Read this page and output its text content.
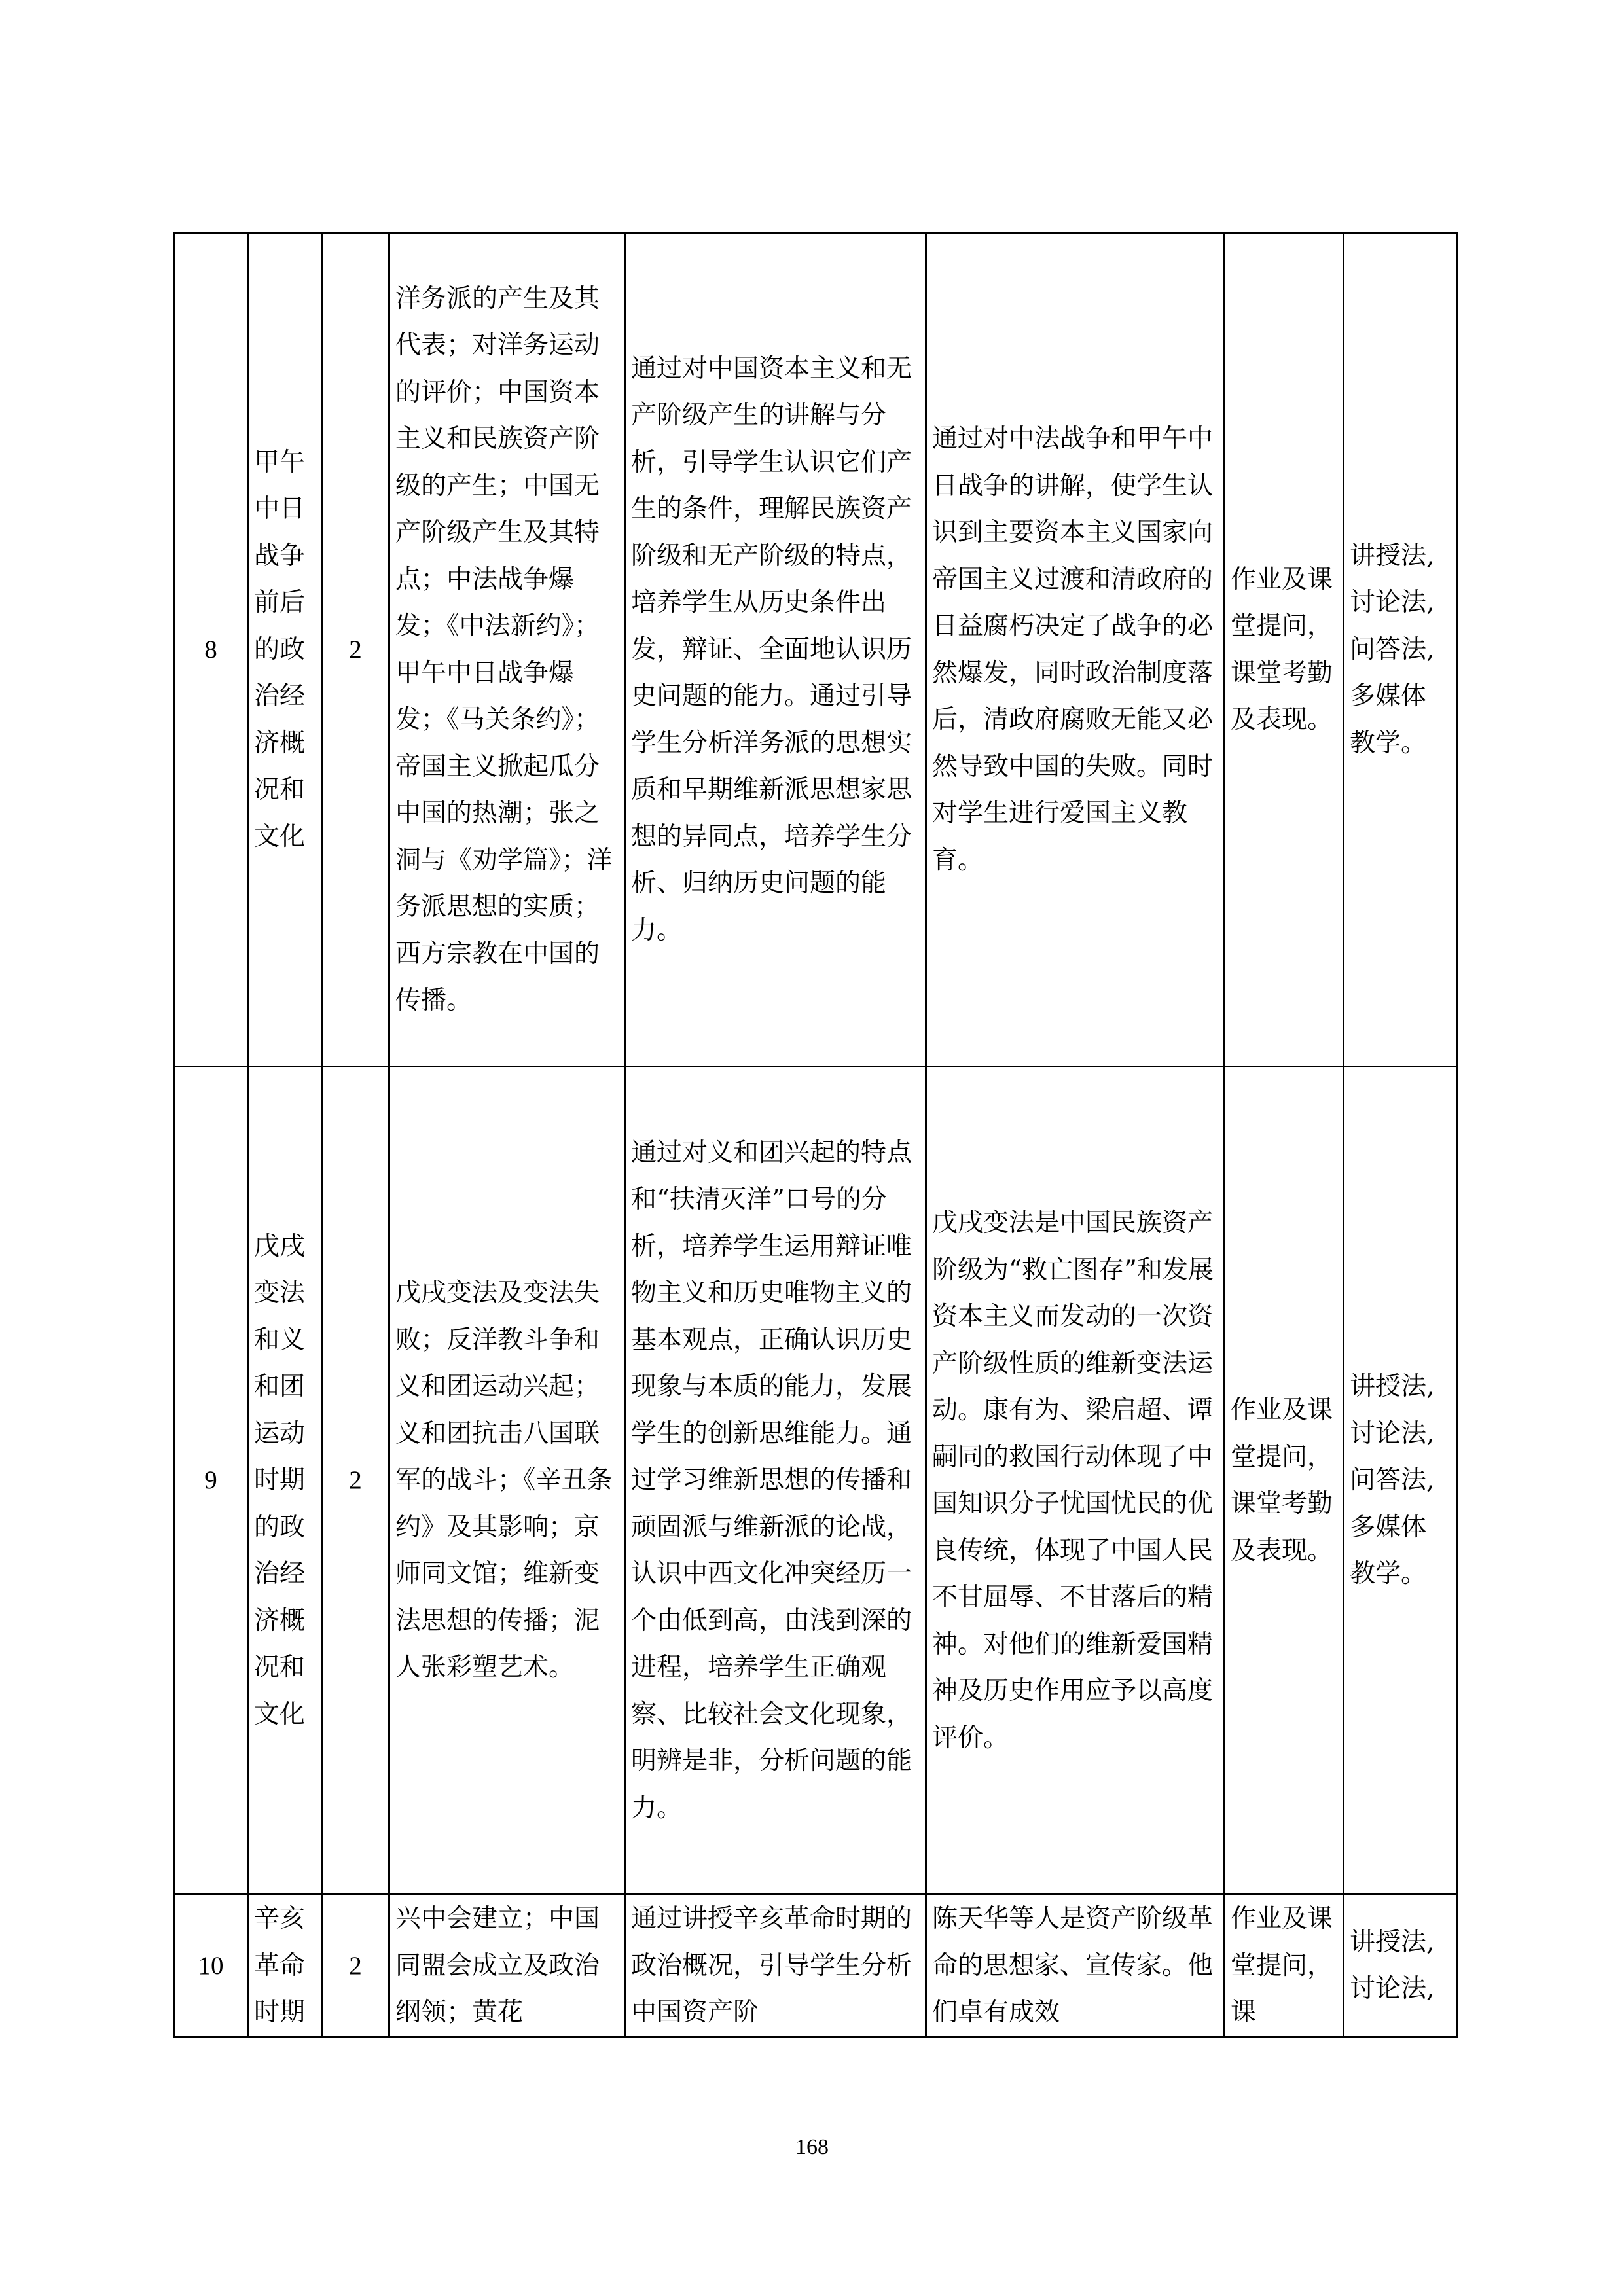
8	甲午中日战争前后的政治经济概况和文化	2	洋务派的产生及其代表；对洋务运动的评价；中国资本主义和民族资产阶级的产生；中国无产阶级产生及其特点；中法战争爆发；《中法新约》；甲午中日战争爆发；《马关条约》；帝国主义掀起瓜分中国的热潮；张之洞与《劝学篇》；洋务派思想的实质；西方宗教在中国的传播。	通过对中国资本主义和无产阶级产生的讲解与分析，引导学生认识它们产生的条件，理解民族资产阶级和无产阶级的特点，培养学生从历史条件出发，辩证、全面地认识历史问题的能力。通过引导学生分析洋务派的思想实质和早期维新派思想家思想的异同点，培养学生分析、归纳历史问题的能力。	通过对中法战争和甲午中日战争的讲解，使学生认识到主要资本主义国家向帝国主义过渡和清政府的日益腐朽决定了战争的必然爆发，同时政治制度落后，清政府腐败无能又必然导致中国的失败。同时对学生进行爱国主义教育。	作业及课堂提问，课堂考勤及表现。	讲授法,讨论法,问答法,多媒体教学。
9	戊戌变法和义和团运动时期的政治经济概况和文化	2	戊戌变法及变法失败；反洋教斗争和义和团运动兴起；义和团抗击八国联军的战斗；《辛丑条约》及其影响；京师同文馆；维新变法思想的传播；泥人张彩塑艺术。	通过对义和团兴起的特点和“扶清灭洋”口号的分析，培养学生运用辩证唯物主义和历史唯物主义的基本观点，正确认识历史现象与本质的能力，发展学生的创新思维能力。通过学习维新思想的传播和顽固派与维新派的论战，认识中西文化冲突经历一个由低到高，由浅到深的进程，培养学生正确观察、比较社会文化现象，明辨是非，分析问题的能力。	戊戌变法是中国民族资产阶级为“救亡图存”和发展资本主义而发动的一次资产阶级性质的维新变法运动。康有为、梁启超、谭嗣同的救国行动体现了中国知识分子忧国忧民的优良传统，体现了中国人民不甘屈辱、不甘落后的精神。对他们的维新爱国精神及历史作用应予以高度评价。	作业及课堂提问，课堂考勤及表现。	讲授法,讨论法,问答法,多媒体教学。
10	辛亥革命时期	2	兴中会建立；中国同盟会成立及政治纲领；黄花	通过讲授辛亥革命时期的政治概况，引导学生分析中国资产阶	陈天华等人是资产阶级革命的思想家、宣传家。他们卓有成效	作业及课堂提问，课	讲授法,讨论法,
168
